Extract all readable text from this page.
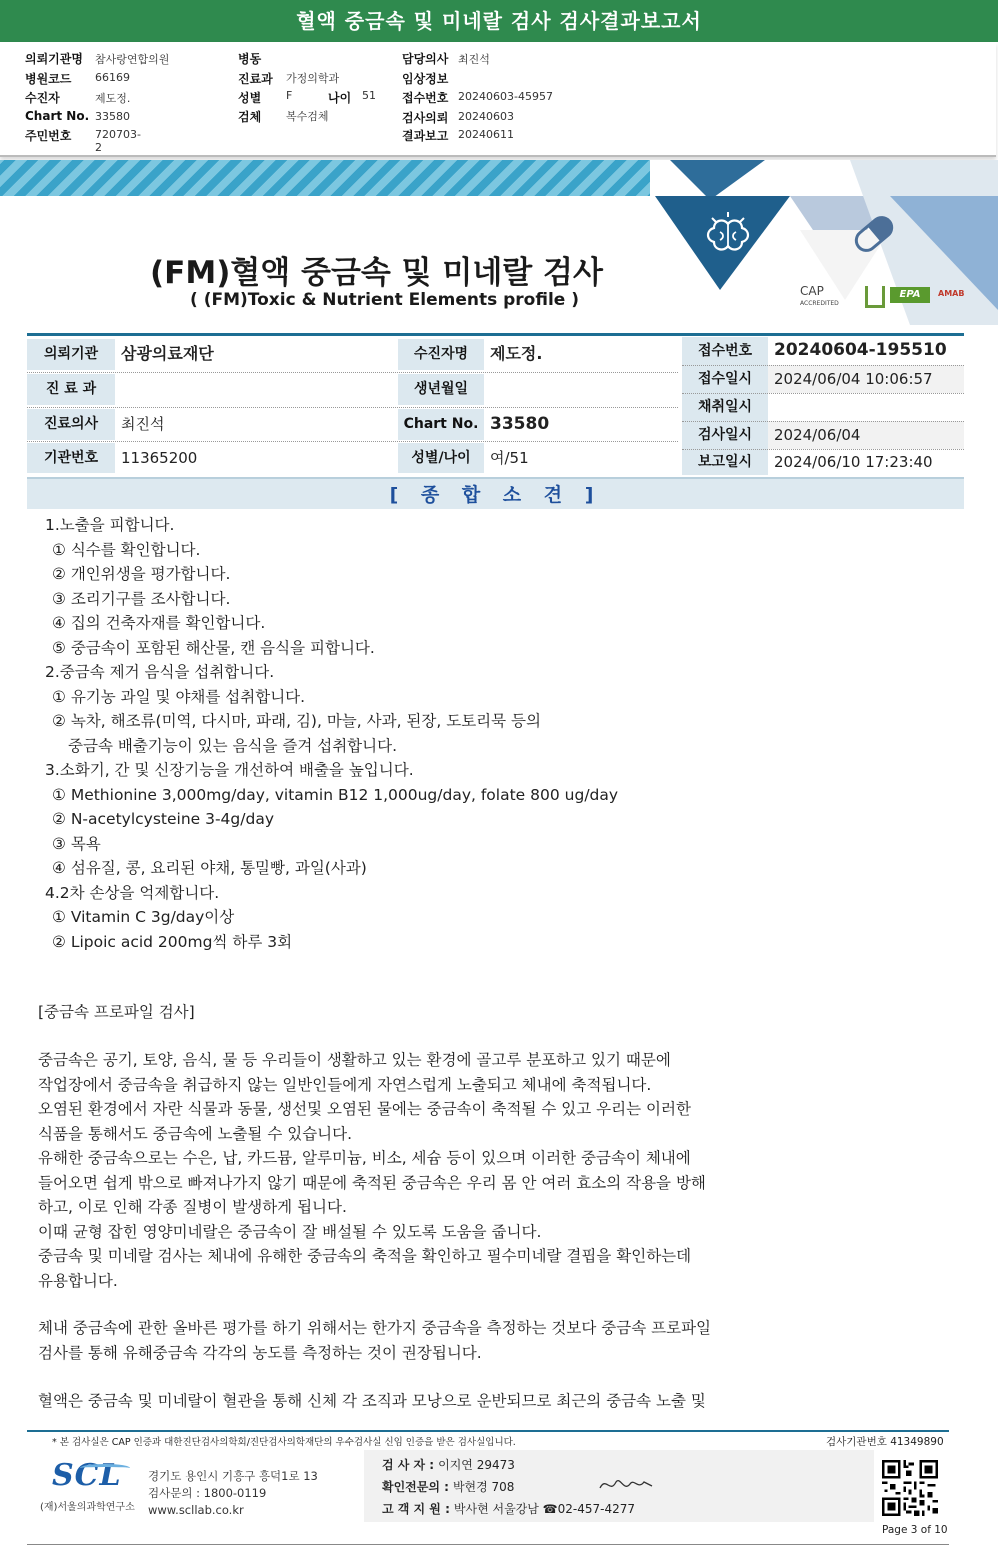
혈액 중금속 및 미네랄 검사 검사결과보고서
의뢰기관명 참사랑연합의원
병원코드 66169
수진자	제도정.
Chart No. 33580
주민번호 720703-2
병동
진료과 가정의학과
성별 F	나이 51
검체 복수검체
담당의사 최진석
임상정보
접수번호 20240603-45957
검사의뢰 20240603
결과보고 20240611
CAP
ACCREDITED
EPA	AMAB
(FM)혈액 중금속 및 미네랄 검사
( (FM)Toxic & Nutrient Elements profile )
의뢰기관	삼광의료재단	수진자명	제도정.
진 료 과	생년월일
진료의사	최진석	Chart No. 33580
기관번호	11365200	성별/나이	여/51
접수번호	20240604-195510
접수일시	2024/06/04 10:06:57
채취일시
검사일시	2024/06/04
보고일시	2024/06/10 17:23:40
[ 종 합 소 견 ]
1.노출을 피합니다.
① 식수를 확인합니다.
② 개인위생을 평가합니다.
③ 조리기구를 조사합니다.
④ 집의 건축자재를 확인합니다.
⑤ 중금속이 포함된 해산물, 캔 음식을 피합니다.
2.중금속 제거 음식을 섭취합니다.
① 유기농 과일 및 야채를 섭취합니다.
② 녹차, 해조류(미역, 다시마, 파래, 김), 마늘, 사과, 된장, 도토리묵 등의
중금속 배출기능이 있는 음식을 즐겨 섭취합니다.
3.소화기, 간 및 신장기능을 개선하여 배출을 높입니다.
① Methionine 3,000mg/day, vitamin B12 1,000ug/day, folate 800 ug/day
② N-acetylcysteine 3-4g/day
③ 목욕
④ 섬유질, 콩, 요리된 야채, 통밀빵, 과일(사과)
4.2차 손상을 억제합니다.
① Vitamin C 3g/day이상
② Lipoic acid 200mg씩 하루 3회
[중금속 프로파일 검사]
중금속은 공기, 토양, 음식, 물 등 우리들이 생활하고 있는 환경에 골고루 분포하고 있기 때문에
작업장에서 중금속을 취급하지 않는 일반인들에게 자연스럽게 노출되고 체내에 축적됩니다.
오염된 환경에서 자란 식물과 동물, 생선및 오염된 물에는 중금속이 축적될 수 있고 우리는 이러한
식품을 통해서도 중금속에 노출될 수 있습니다.
유해한 중금속으로는 수은, 납, 카드뮴, 알루미늄, 비소, 세슘 등이 있으며 이러한 중금속이 체내에
들어오면 쉽게 밖으로 빠져나가지 않기 때문에 축적된 중금속은 우리 몸 안 여러 효소의 작용을 방해
하고, 이로 인해 각종 질병이 발생하게 됩니다.
이때 균형 잡힌 영양미네랄은 중금속이 잘 배설될 수 있도록 도움을 줍니다.
중금속 및 미네랄 검사는 체내에 유해한 중금속의 축적을 확인하고 필수미네랄 결핍을 확인하는데
유용합니다.
체내 중금속에 관한 올바른 평가를 하기 위해서는 한가지 중금속을 측정하는 것보다 중금속 프로파일
검사를 통해 유해중금속 각각의 농도를 측정하는 것이 권장됩니다.
혈액은 중금속 및 미네랄이 혈관을 통해 신체 각 조직과 모낭으로 운반되므로 최근의 중금속 노출 및
* 본 검사실은 CAP 인증과 대한진단검사의학회/진단검사의학재단의 우수검사실 신임 인증을 받은 검사실입니다.	검사기관번호 41349890
SCL
(재)서울의과학연구소
경기도 용인시 기흥구 흥덕1로 13
검사문의 : 1800-0119
www.scllab.co.kr
검 사 자 : 이지연 29473
확인전문의 : 박현경 708
고 객 지 원 : 박사현 서울강남 ☎02-457-4277
Page 3 of 10
